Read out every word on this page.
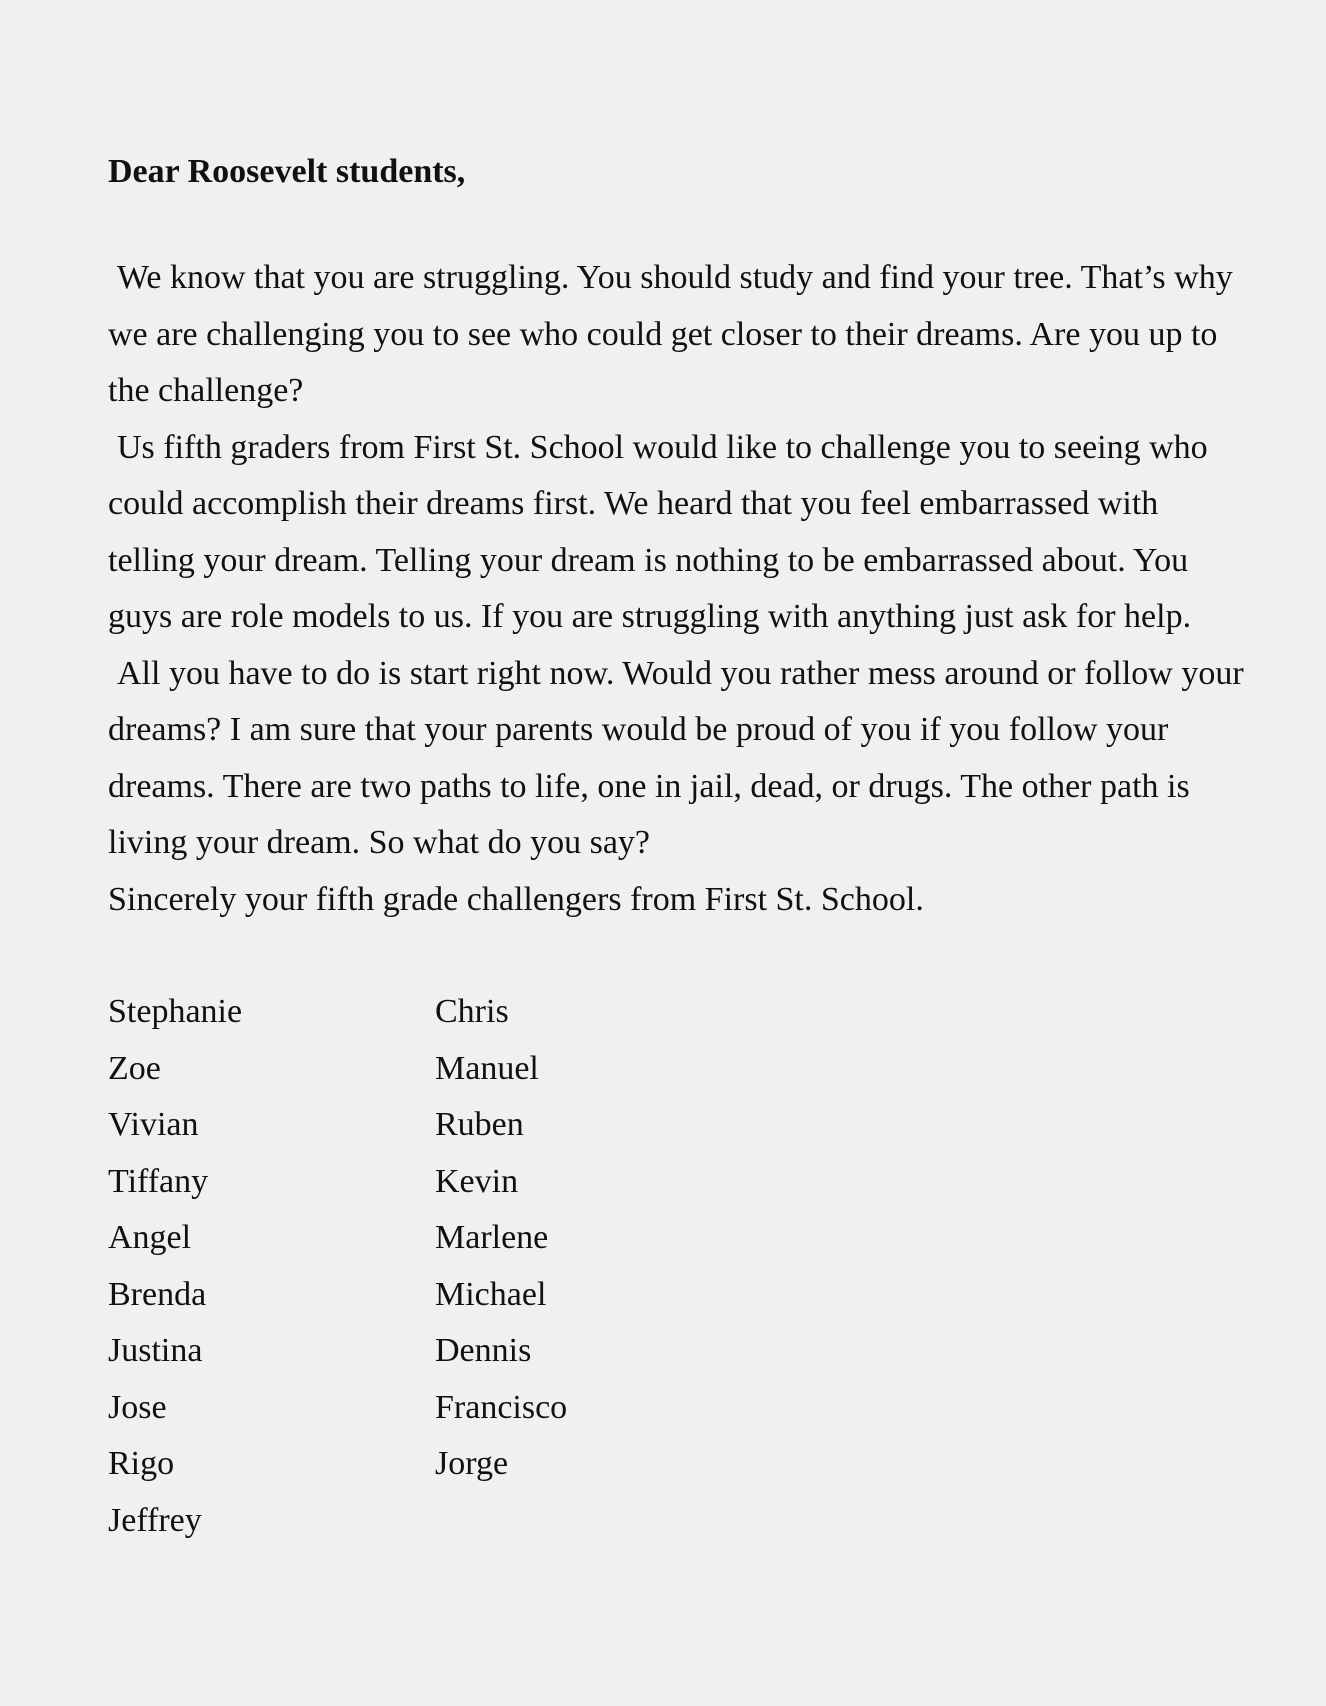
Dear Roosevelt students,

We know that you are struggling. You should study and find your tree. That’s why we are challenging you to see who could get closer to their dreams. Are you up to the challenge?

Us fifth graders from First St. School would like to challenge you to seeing who could accomplish their dreams first. We heard that you feel embarrassed with telling your dream. Telling your dream is nothing to be embarrassed about. You guys are role models to us. If you are struggling with anything just ask for help.

All you have to do is start right now. Would you rather mess around or follow your dreams? I am sure that your parents would be proud of you if you follow your dreams. There are two paths to life, one in jail, dead, or drugs. The other path is living your dream. So what do you say?

Sincerely your fifth grade challengers from First St. School.

Stephanie
Zoe
Vivian
Tiffany
Angel
Brenda
Justina
Jose
Rigo
Jeffrey
Chris
Manuel
Ruben
Kevin
Marlene
Michael
Dennis
Francisco
Jorge
